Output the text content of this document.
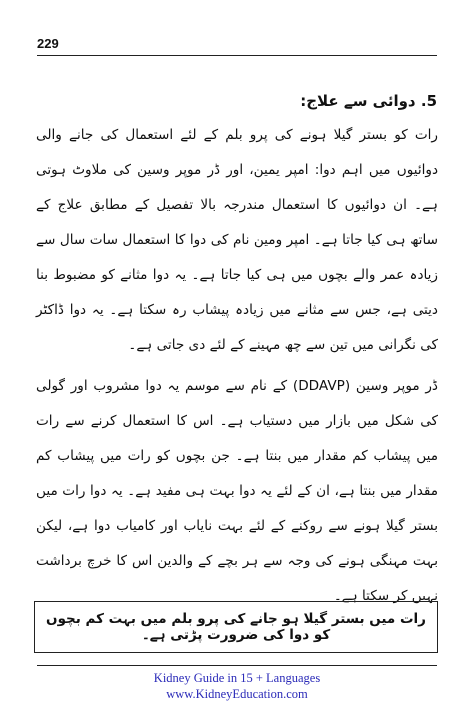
229
5. دوائی سے علاج:

رات کو بستر گیلا ہونے کی پرو بلم کے لئے استعمال کی جانے والی دوائیوں میں اہم دوا: امپر یمین، اور ڈر موپر وسین کی ملاوٹ ہوتی ہے۔ ان دوائیوں کا استعمال مندرجہ بالا تفصیل کے مطابق علاج کے ساتھ ہی کیا جاتا ہے۔ امپر ومین نام کی دوا کا استعمال سات سال سے زیادہ عمر والے بچوں میں ہی کیا جاتا ہے۔ یہ دوا مثانے کو مضبوط بنا دیتی ہے، جس سے مثانے میں زیادہ پیشاب رہ سکتا ہے۔ یہ دوا ڈاکٹر کی نگرانی میں تین سے چھ مہینے کے لئے دی جاتی ہے۔

ڈر موپر وسین (DDAVP) کے نام سے موسم یہ دوا مشروب اور گولی کی شکل میں بازار میں دستیاب ہے۔ اس کا استعمال کرنے سے رات میں پیشاب کم مقدار میں بنتا ہے۔ جن بچوں کو رات میں پیشاب کم مقدار میں بنتا ہے، ان کے لئے یہ دوا بہت ہی مفید ہے۔ یہ دوا رات میں بستر گیلا ہونے سے روکنے کے لئے بہت نایاب اور کامیاب دوا ہے، لیکن بہت مہنگی ہونے کی وجہ سے ہر بچے کے والدین اس کا خرچ برداشت نہیں کر سکتا ہے۔

رات میں بستر گیلا ہو جانے کی پرو بلم میں بہت کم بچوں کو دوا کی ضرورت پڑتی ہے۔
Kidney Guide in 15 + Languages
www.KidneyEducation.com
